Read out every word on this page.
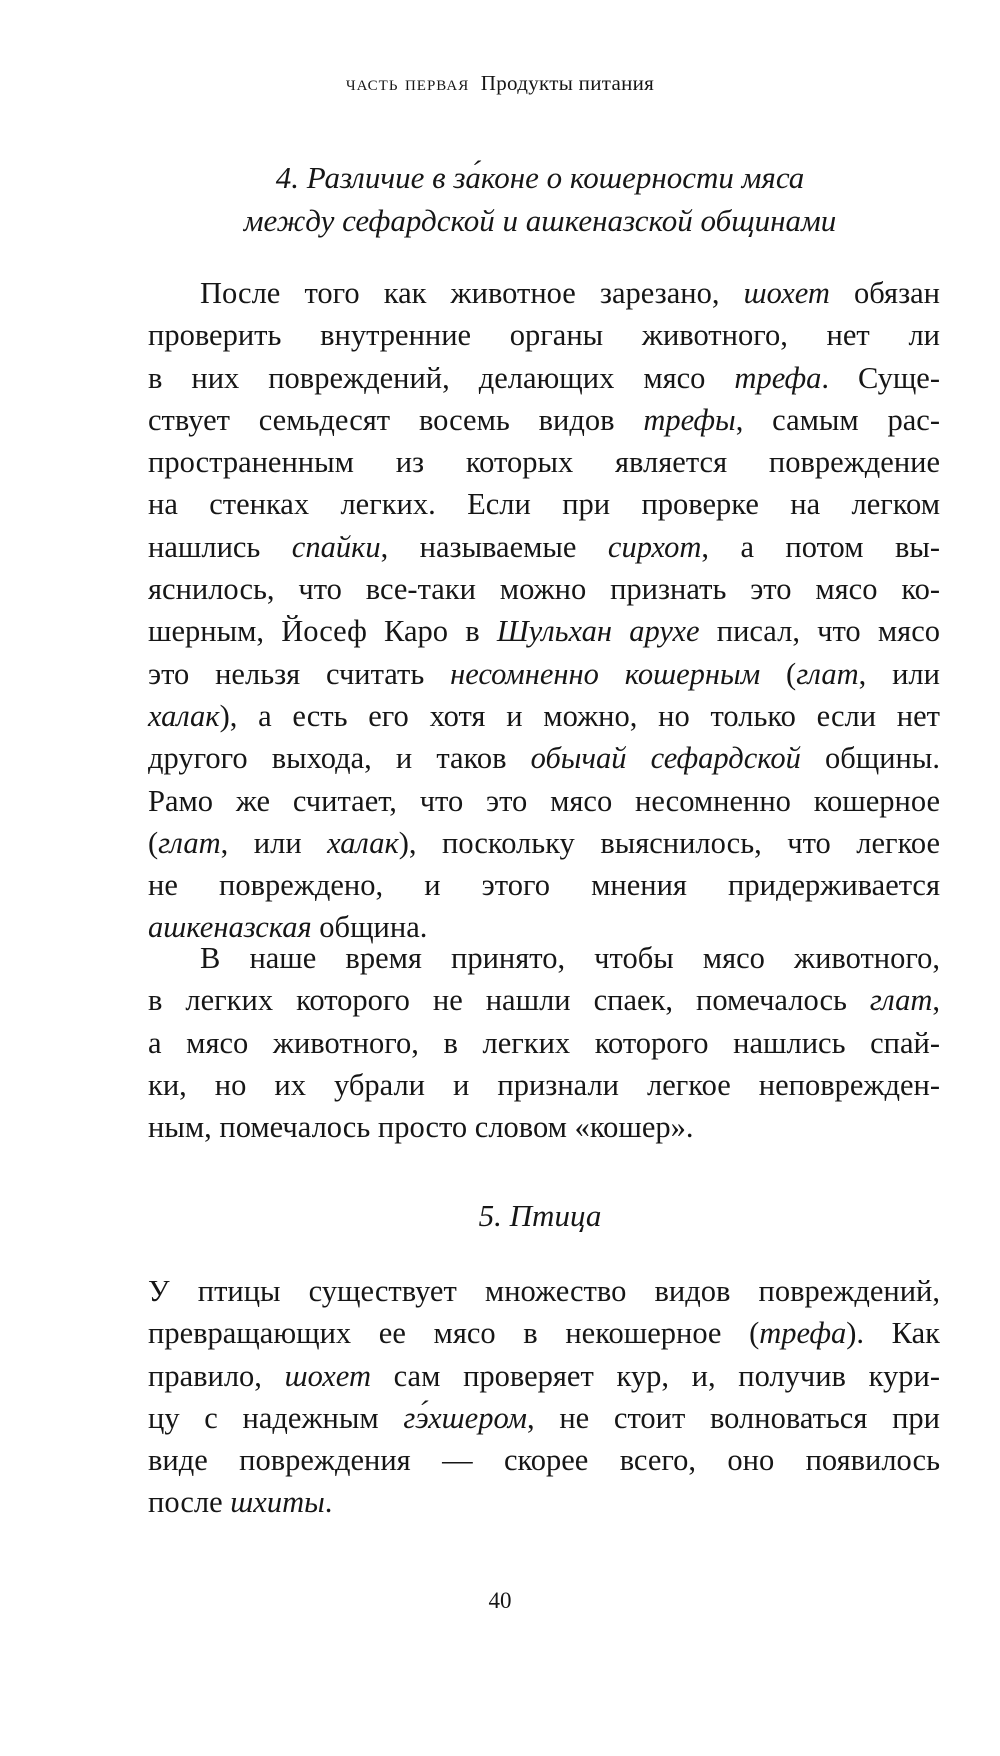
часть первая Продукты питания
4. Различие в за́коне о кошерности мяса
между сефардской и ашкеназской общинами
После того как животное зарезано, шохет обязан
проверить внутренние органы животного, нет ли
в них повреждений, делающих мясо трефа. Суще-
ствует семьдесят восемь видов трефы, самым рас-
пространенным из которых является повреждение
на стенках легких. Если при проверке на легком
нашлись спайки, называемые сирхот, а потом вы-
яснилось, что все-таки можно признать это мясо ко-
шерным, Йосеф Каро в Шульхан арухе писал, что мясо
это нельзя считать несомненно кошерным (глат, или
халак), а есть его хотя и можно, но только если нет
другого выхода, и таков обычай сефардской общины.
Рамо же считает, что это мясо несомненно кошерное
(глат, или халак), поскольку выяснилось, что легкое
не повреждено, и этого мнения придерживается
ашкеназская община.
В наше время принято, чтобы мясо животного,
в легких которого не нашли спаек, помечалось глат,
а мясо животного, в легких которого нашлись спай-
ки, но их убрали и признали легкое неповрежден-
ным, помечалось просто словом «кошер».
5. Птица
У птицы существует множество видов повреждений,
превращающих ее мясо в некошерное (трефа). Как
правило, шохет сам проверяет кур, и, получив кури-
цу с надежным гэ́хшером, не стоит волноваться при
виде повреждения — скорее всего, оно появилось
после шхиты.
40
